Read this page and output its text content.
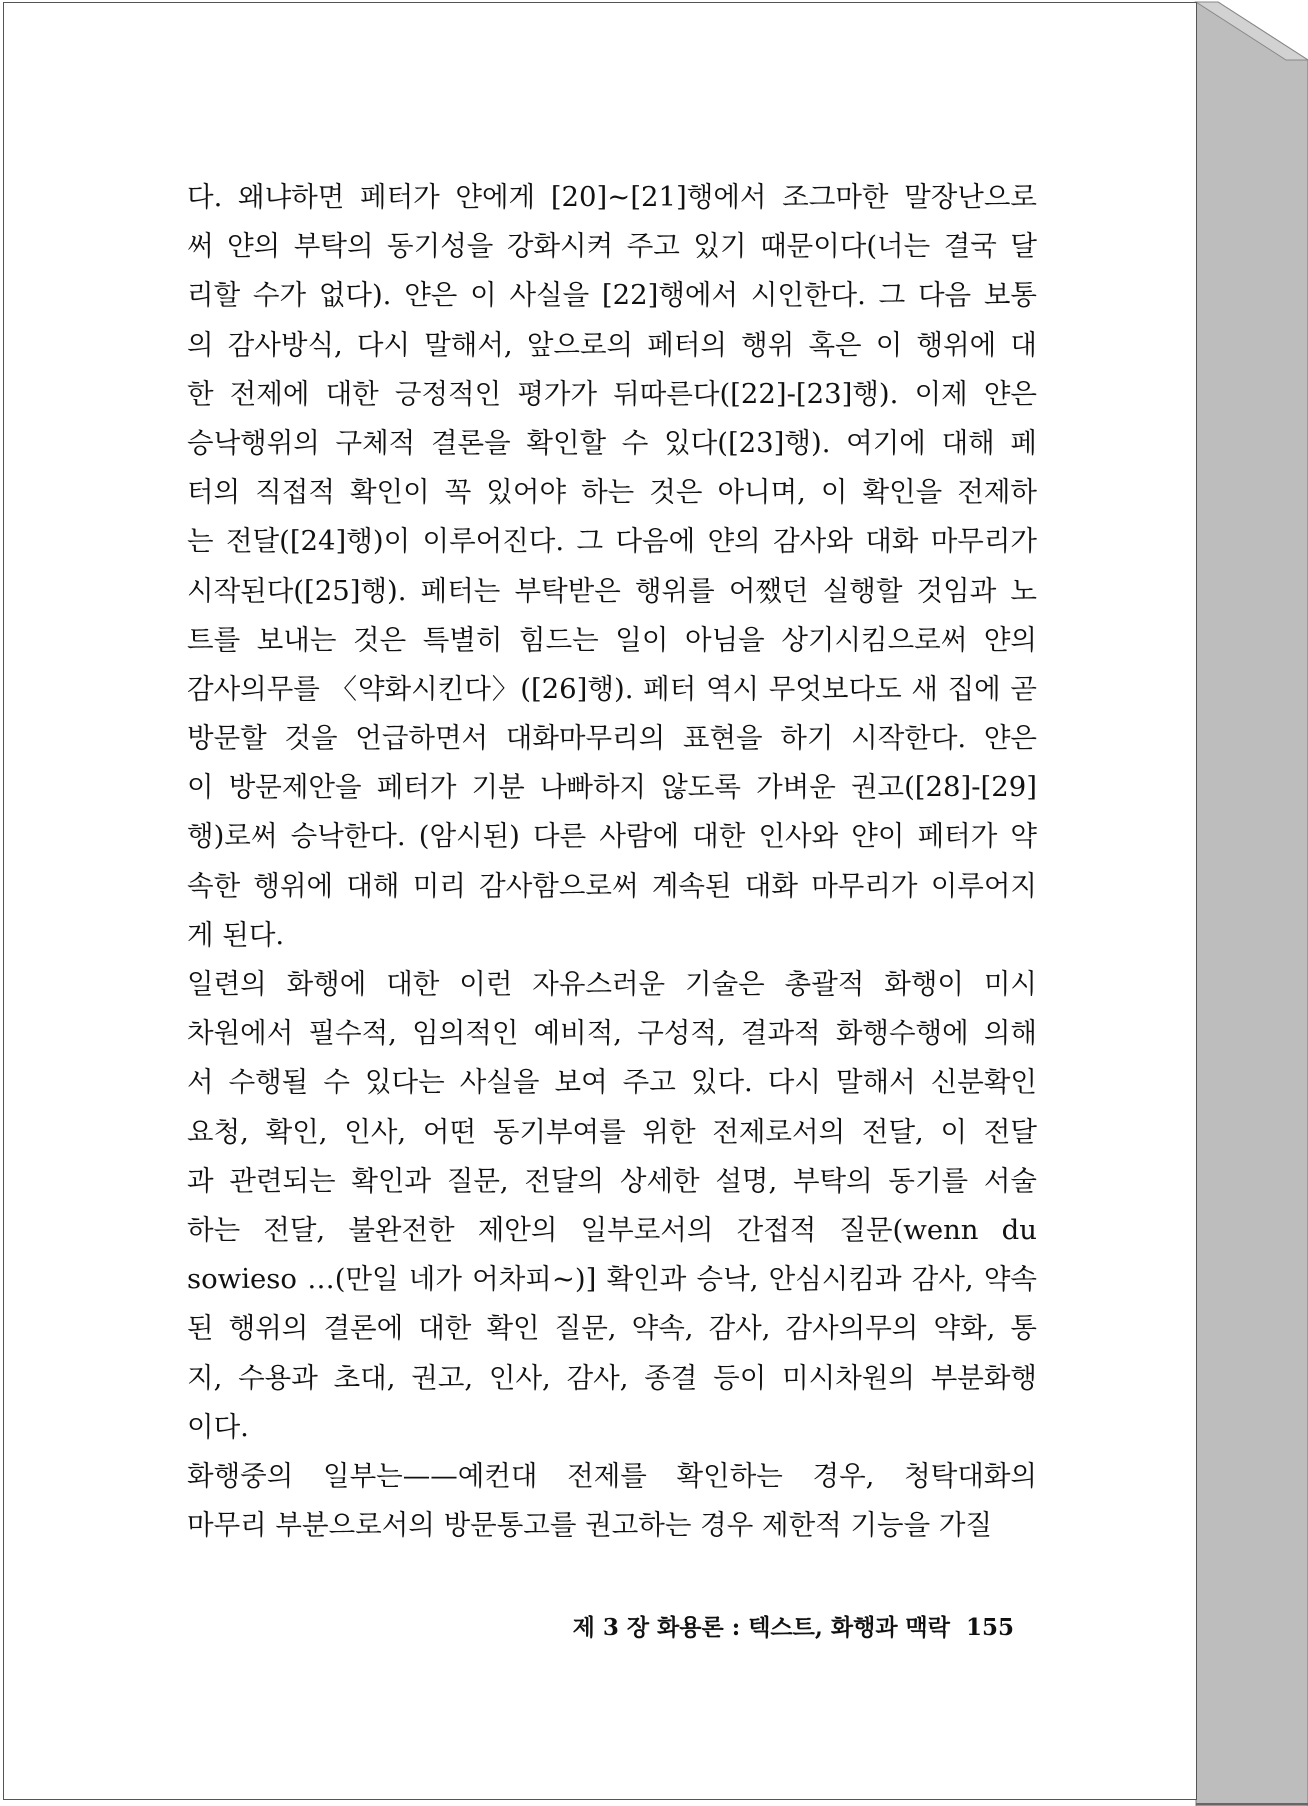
다. 왜냐하면 페터가 얀에게 [20]~[21]행에서 조그마한 말장난으로
써 얀의 부탁의 동기성을 강화시켜 주고 있기 때문이다(너는 결국 달
리할 수가 없다). 얀은 이 사실을 [22]행에서 시인한다. 그 다음 보통
의 감사방식, 다시 말해서, 앞으로의 페터의 행위 혹은 이 행위에 대
한 전제에 대한 긍정적인 평가가 뒤따른다([22]-[23]행). 이제 얀은
승낙행위의 구체적 결론을 확인할 수 있다([23]행). 여기에 대해 페
터의 직접적 확인이 꼭 있어야 하는 것은 아니며, 이 확인을 전제하
는 전달([24]행)이 이루어진다. 그 다음에 얀의 감사와 대화 마무리가
시작된다([25]행). 페터는 부탁받은 행위를 어쨌던 실행할 것임과 노
트를 보내는 것은 특별히 힘드는 일이 아님을 상기시킴으로써 얀의
감사의무를 〈약화시킨다〉([26]행). 페터 역시 무엇보다도 새 집에 곧
방문할 것을 언급하면서 대화마무리의 표현을 하기 시작한다. 얀은
이 방문제안을 페터가 기분 나빠하지 않도록 가벼운 권고([28]-[29]
행)로써 승낙한다. (암시된) 다른 사람에 대한 인사와 얀이 페터가 약
속한 행위에 대해 미리 감사함으로써 계속된 대화 마무리가 이루어지
게 된다.
일련의 화행에 대한 이런 자유스러운 기술은 총괄적 화행이 미시
차원에서 필수적, 임의적인 예비적, 구성적, 결과적 화행수행에 의해
서 수행될 수 있다는 사실을 보여 주고 있다. 다시 말해서 신분확인
요청, 확인, 인사, 어떤 동기부여를 위한 전제로서의 전달, 이 전달
과 관련되는 확인과 질문, 전달의 상세한 설명, 부탁의 동기를 서술
하는 전달, 불완전한 제안의 일부로서의 간접적 질문(wenn du
sowieso …(만일 네가 어차피~)] 확인과 승낙, 안심시킴과 감사, 약속
된 행위의 결론에 대한 확인 질문, 약속, 감사, 감사의무의 약화, 통
지, 수용과 초대, 권고, 인사, 감사, 종결 등이 미시차원의 부분화행
이다.
화행중의 일부는——예컨대 전제를 확인하는 경우, 청탁대화의
마무리 부분으로서의 방문통고를 권고하는 경우 제한적 기능을 가질
제 3 장 화용론 : 텍스트, 화행과 맥락 155
